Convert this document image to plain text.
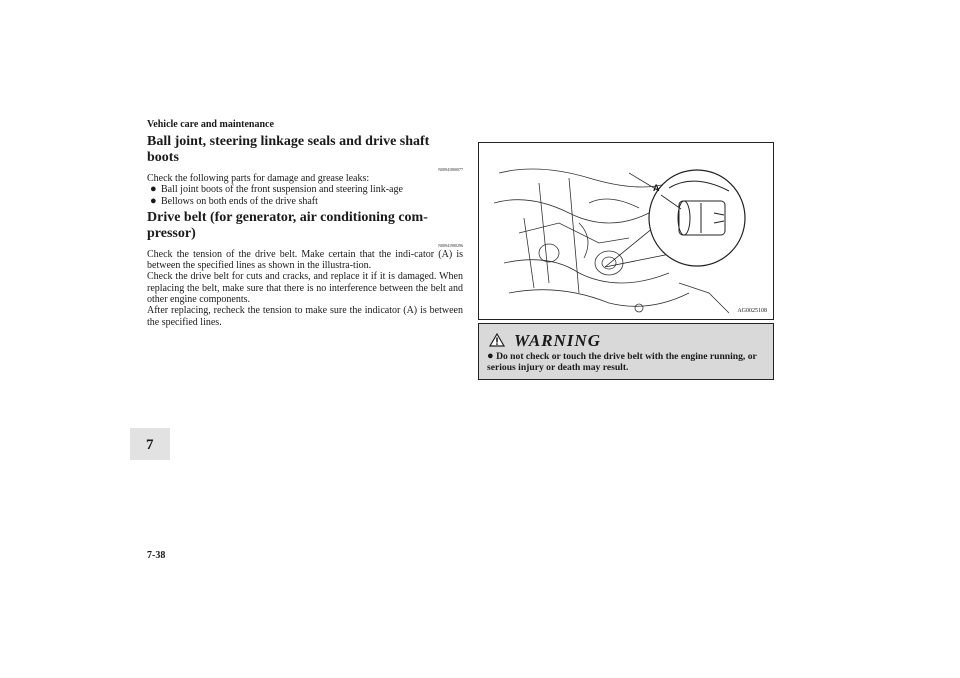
Vehicle care and maintenance
7
7-38
Ball joint, steering linkage seals and drive shaft boots
N00941800077

Check the following parts for damage and grease leaks:

● Ball joint boots of the front suspension and steering link-age
● Bellows on both ends of the drive shaft
Drive belt (for generator, air conditioning com-pressor)
N00941900296

Check the tension of the drive belt. Make certain that the indi-cator (A) is between the specified lines as shown in the illustra-tion.

Check the drive belt for cuts and cracks, and replace it if it is damaged. When replacing the belt, make sure that there is no interference between the belt and other engine components.

After replacing, recheck the tension to make sure the indicator (A) is between the specified lines.

A
AG0025108
WARNING
● Do not check or touch the drive belt with the engine running, or serious injury or death may result.
